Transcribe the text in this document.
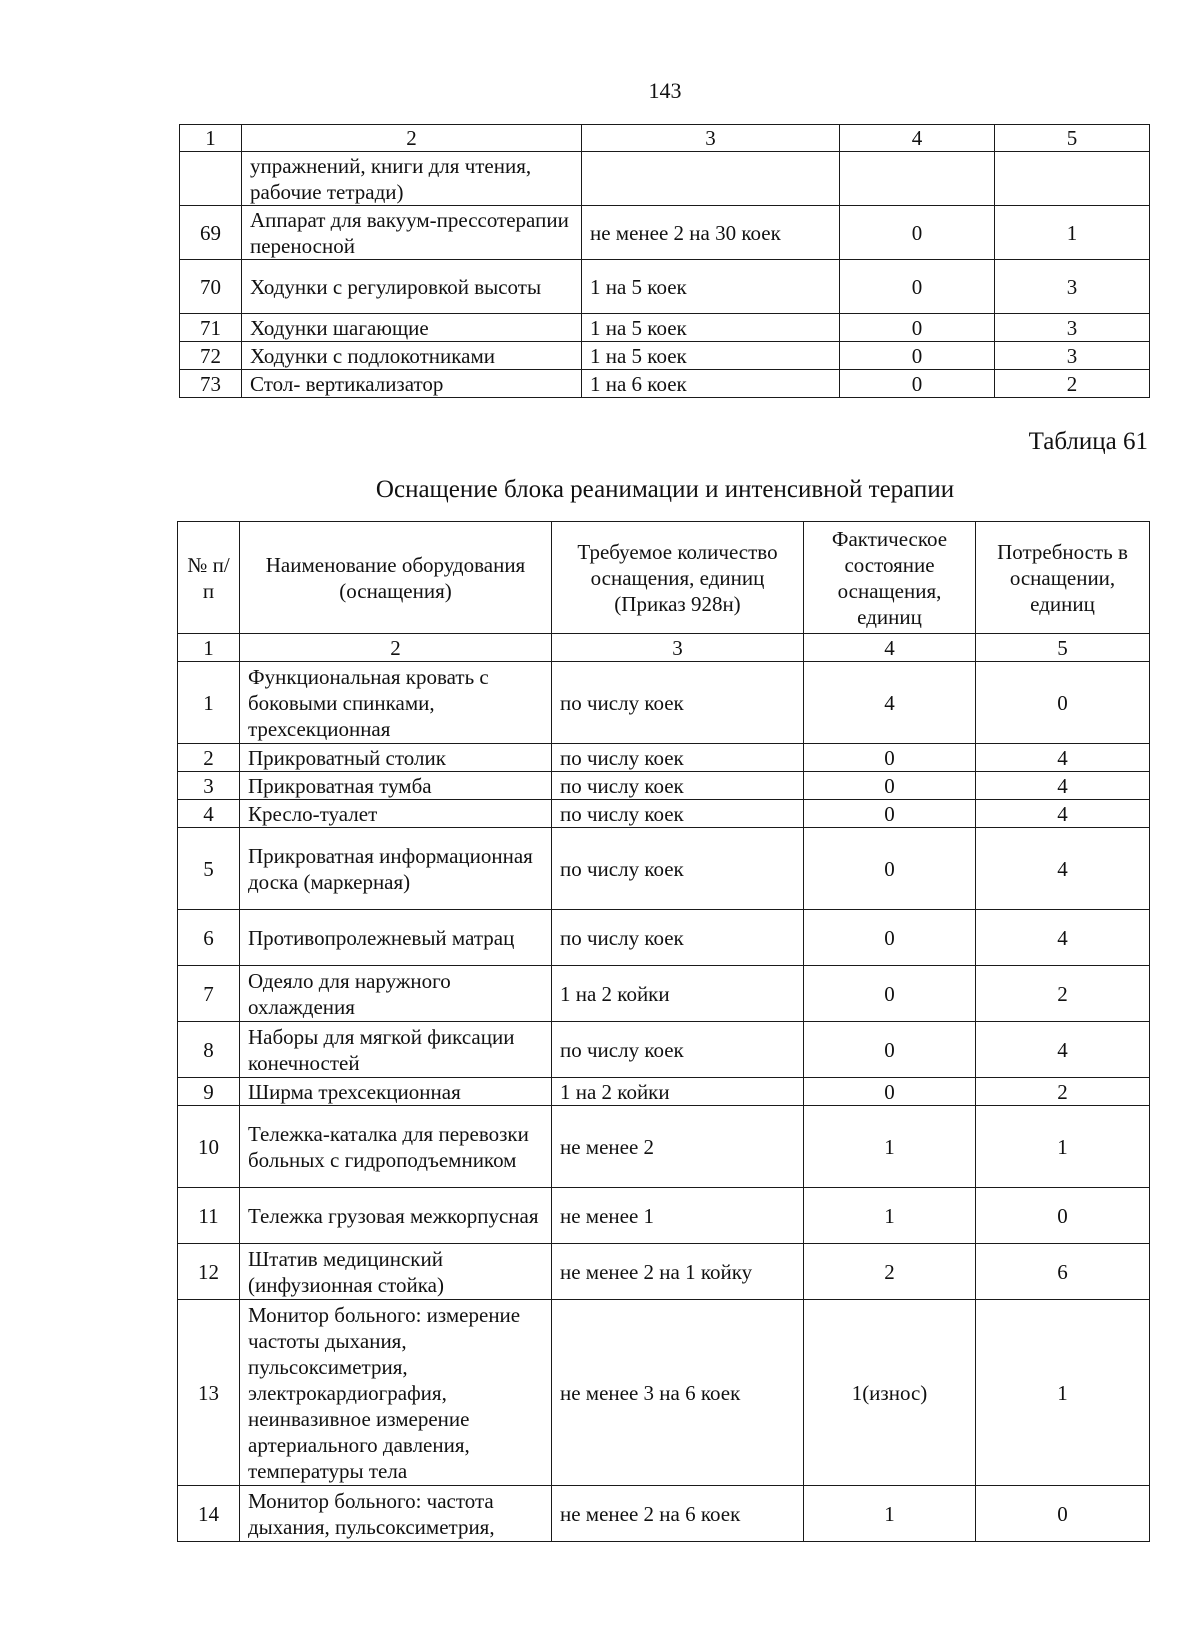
143
1	2	3	4	5
	упражнений, книги для чтения, рабочие тетради)			
69	Аппарат для вакуум-прессотерапии переносной	не менее 2 на 30 коек	0	1
70	Ходунки с регулировкой высоты	1 на 5 коек	0	3
71	Ходунки шагающие	1 на 5 коек	0	3
72	Ходунки с подлокотниками	1 на 5 коек	0	3
73	Стол- вертикализатор	1 на 6 коек	0	2
Таблица 61
Оснащение блока реанимации и интенсивной терапии
№ п/п	Наименование оборудования (оснащения)	Требуемое количество оснащения, единиц (Приказ 928н)	Фактическое состояние оснащения, единиц	Потребность в оснащении, единиц
1	2	3	4	5
1	Функциональная кровать с боковыми спинками, трехсекционная	по числу коек	4	0
2	Прикроватный столик	по числу коек	0	4
3	Прикроватная тумба	по числу коек	0	4
4	Кресло-туалет	по числу коек	0	4
5	Прикроватная информационная доска (маркерная)	по числу коек	0	4
6	Противопролежневый матрац	по числу коек	0	4
7	Одеяло для наружного охлаждения	1 на 2 койки	0	2
8	Наборы для мягкой фиксации конечностей	по числу коек	0	4
9	Ширма трехсекционная	1 на 2 койки	0	2
10	Тележка-каталка для перевозки больных с гидроподъемником	не менее 2	1	1
11	Тележка грузовая межкорпусная	не менее 1	1	0
12	Штатив медицинский (инфузионная стойка)	не менее 2 на 1 койку	2	6
13	Монитор больного: измерение частоты дыхания, пульсоксиметрия, электрокардиография, неинвазивное измерение артериального давления, температуры тела	не менее 3 на 6 коек	1(износ)	1
14	Монитор больного: частота дыхания, пульсоксиметрия,	не менее 2 на 6 коек	1	0
